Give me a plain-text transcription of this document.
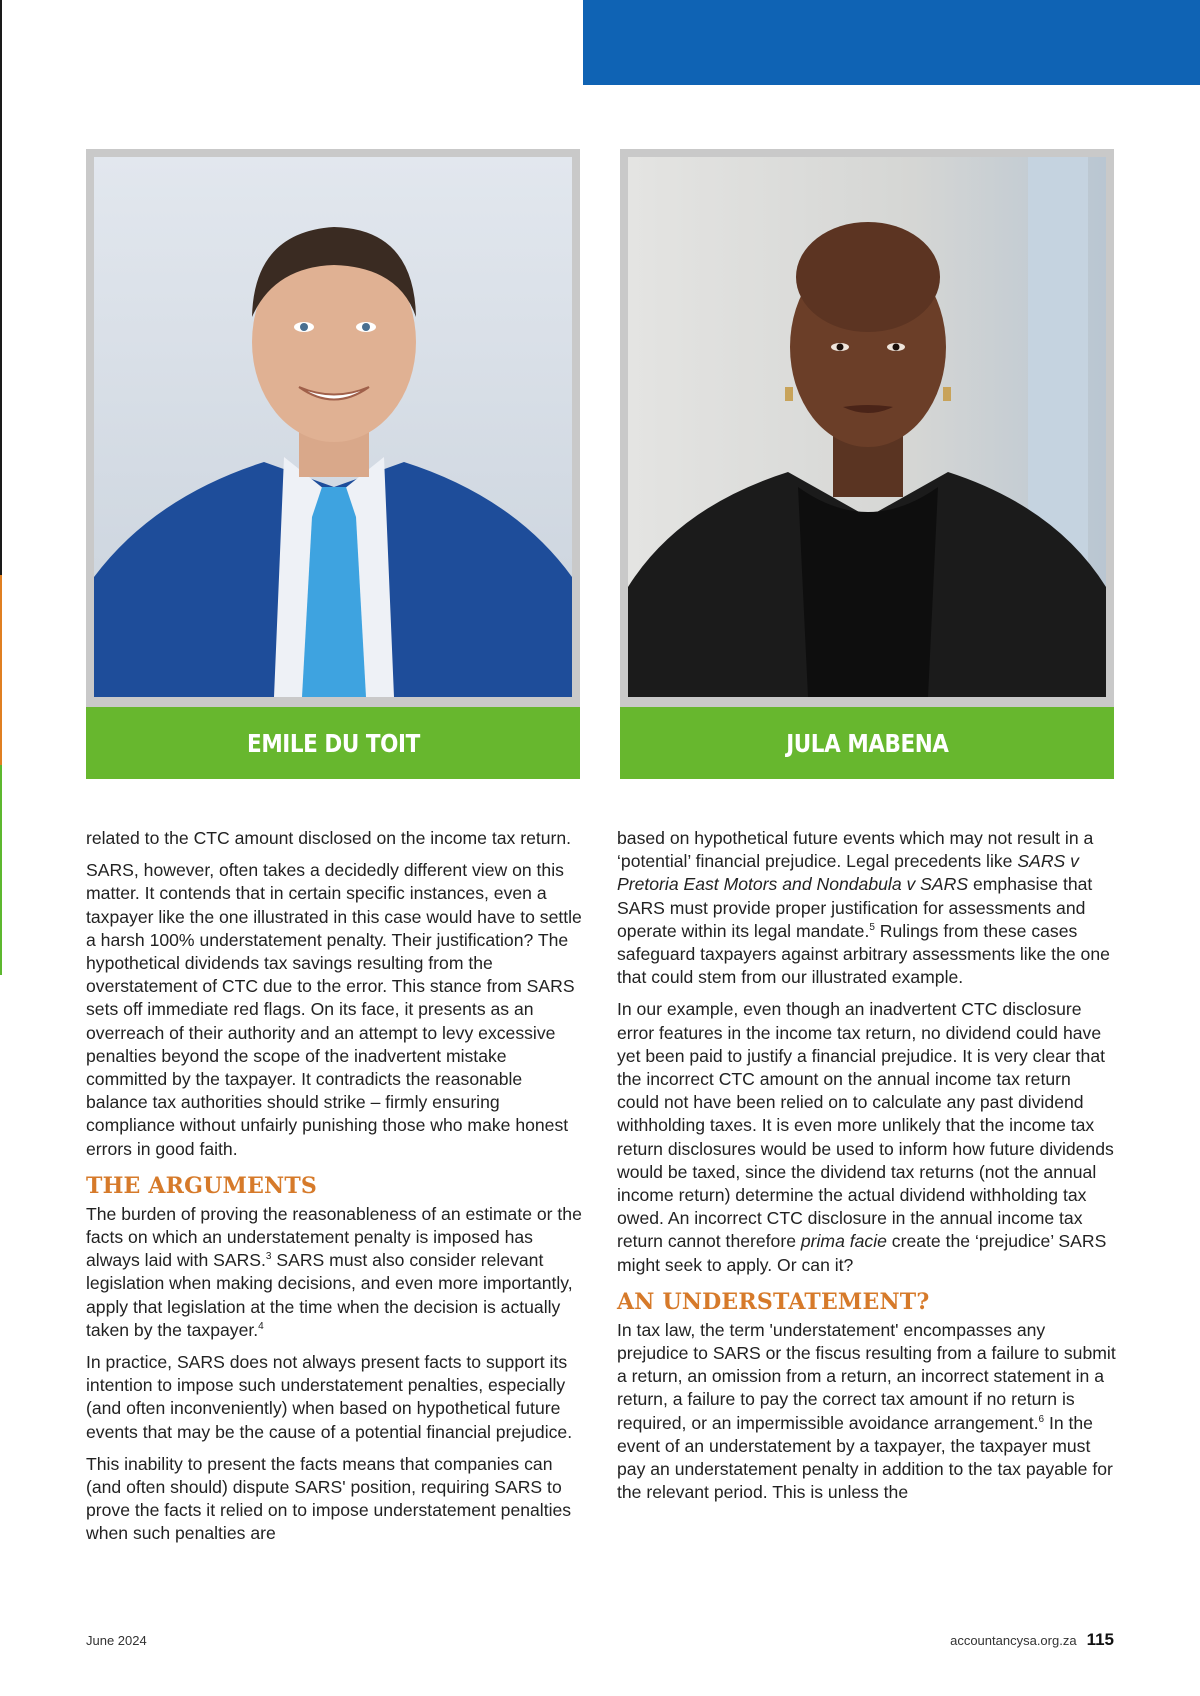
EMILE DU TOIT	JULA MABENA

related to the CTC amount disclosed on the income tax return.

SARS, however, often takes a decidedly different view on this matter. It contends that in certain specific instances, even a taxpayer like the one illustrated in this case would have to settle a harsh 100% understatement penalty. Their justification? The hypothetical dividends tax savings resulting from the overstatement of CTC due to the error. This stance from SARS sets off immediate red flags. On its face, it presents as an overreach of their authority and an attempt to levy excessive penalties beyond the scope of the inadvertent mistake committed by the taxpayer. It contradicts the reasonable balance tax authorities should strike – firmly ensuring compliance without unfairly punishing those who make honest errors in good faith.

THE ARGUMENTS

The burden of proving the reasonableness of an estimate or the facts on which an understatement penalty is imposed has always laid with SARS.$^3$ SARS must also consider relevant legislation when making decisions, and even more importantly, apply that legislation at the time when the decision is actually taken by the taxpayer.$^4$

In practice, SARS does not always present facts to support its intention to impose such understatement penalties, especially (and often inconveniently) when based on hypothetical future events that may be the cause of a potential financial prejudice.

This inability to present the facts means that companies can (and often should) dispute SARS' position, requiring SARS to prove the facts it relied on to impose understatement penalties when such penalties are

based on hypothetical future events which may not result in a ‘potential’ financial prejudice. Legal precedents like SARS v Pretoria East Motors and Nondabula v SARS emphasise that SARS must provide proper justification for assessments and operate within its legal mandate.$^5$ Rulings from these cases safeguard taxpayers against arbitrary assessments like the one that could stem from our illustrated example.

In our example, even though an inadvertent CTC disclosure error features in the income tax return, no dividend could have yet been paid to justify a financial prejudice. It is very clear that the incorrect CTC amount on the annual income tax return could not have been relied on to calculate any past dividend withholding taxes. It is even more unlikely that the income tax return disclosures would be used to inform how future dividends would be taxed, since the dividend tax returns (not the annual income return) determine the actual dividend withholding tax owed. An incorrect CTC disclosure in the annual income tax return cannot therefore prima facie create the ‘prejudice’ SARS might seek to apply. Or can it?

AN UNDERSTATEMENT?

In tax law, the term 'understatement' encompasses any prejudice to SARS or the fiscus resulting from a failure to submit a return, an omission from a return, an incorrect statement in a return, a failure to pay the correct tax amount if no return is required, or an impermissible avoidance arrangement.$^6$ In the event of an understatement by a taxpayer, the taxpayer must pay an understatement penalty in addition to the tax payable for the relevant period. This is unless the

June 2024	accountancysa.org.za 115
